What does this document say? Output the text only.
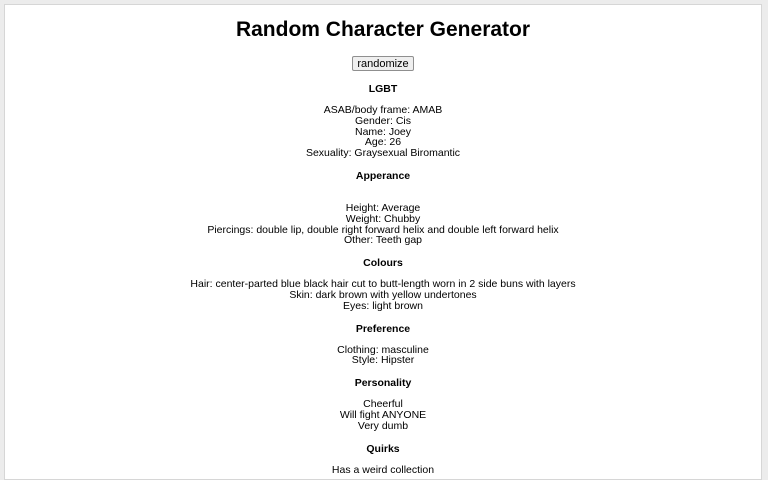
Random Character Generator
randomize
LGBT
ASAB/body frame: AMAB
Gender: Cis
Name: Joey
Age: 26
Sexuality: Graysexual Biromantic
Apperance
Height: Average
Weight: Chubby
Piercings: double lip, double right forward helix and double left forward helix
Other: Teeth gap
Colours
Hair: center-parted blue black hair cut to butt-length worn in 2 side buns with layers
Skin: dark brown with yellow undertones
Eyes: light brown
Preference
Clothing: masculine
Style: Hipster
Personality
Cheerful
Will fight ANYONE
Very dumb
Quirks
Has a weird collection
